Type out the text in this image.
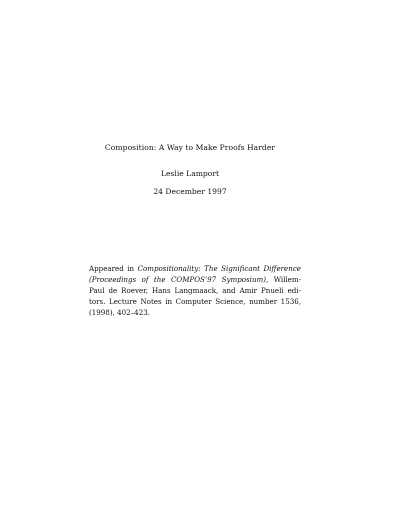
Composition: A Way to Make Proofs Harder
Leslie Lamport
24 December 1997
Appeared in Compositionality: The Significant Difference
(Proceedings of the COMPOS’97 Symposium), Willem-
Paul de Roever, Hans Langmaack, and Amir Pnueli edi-
tors. Lecture Notes in Computer Science, number 1536,
(1998), 402–423.
